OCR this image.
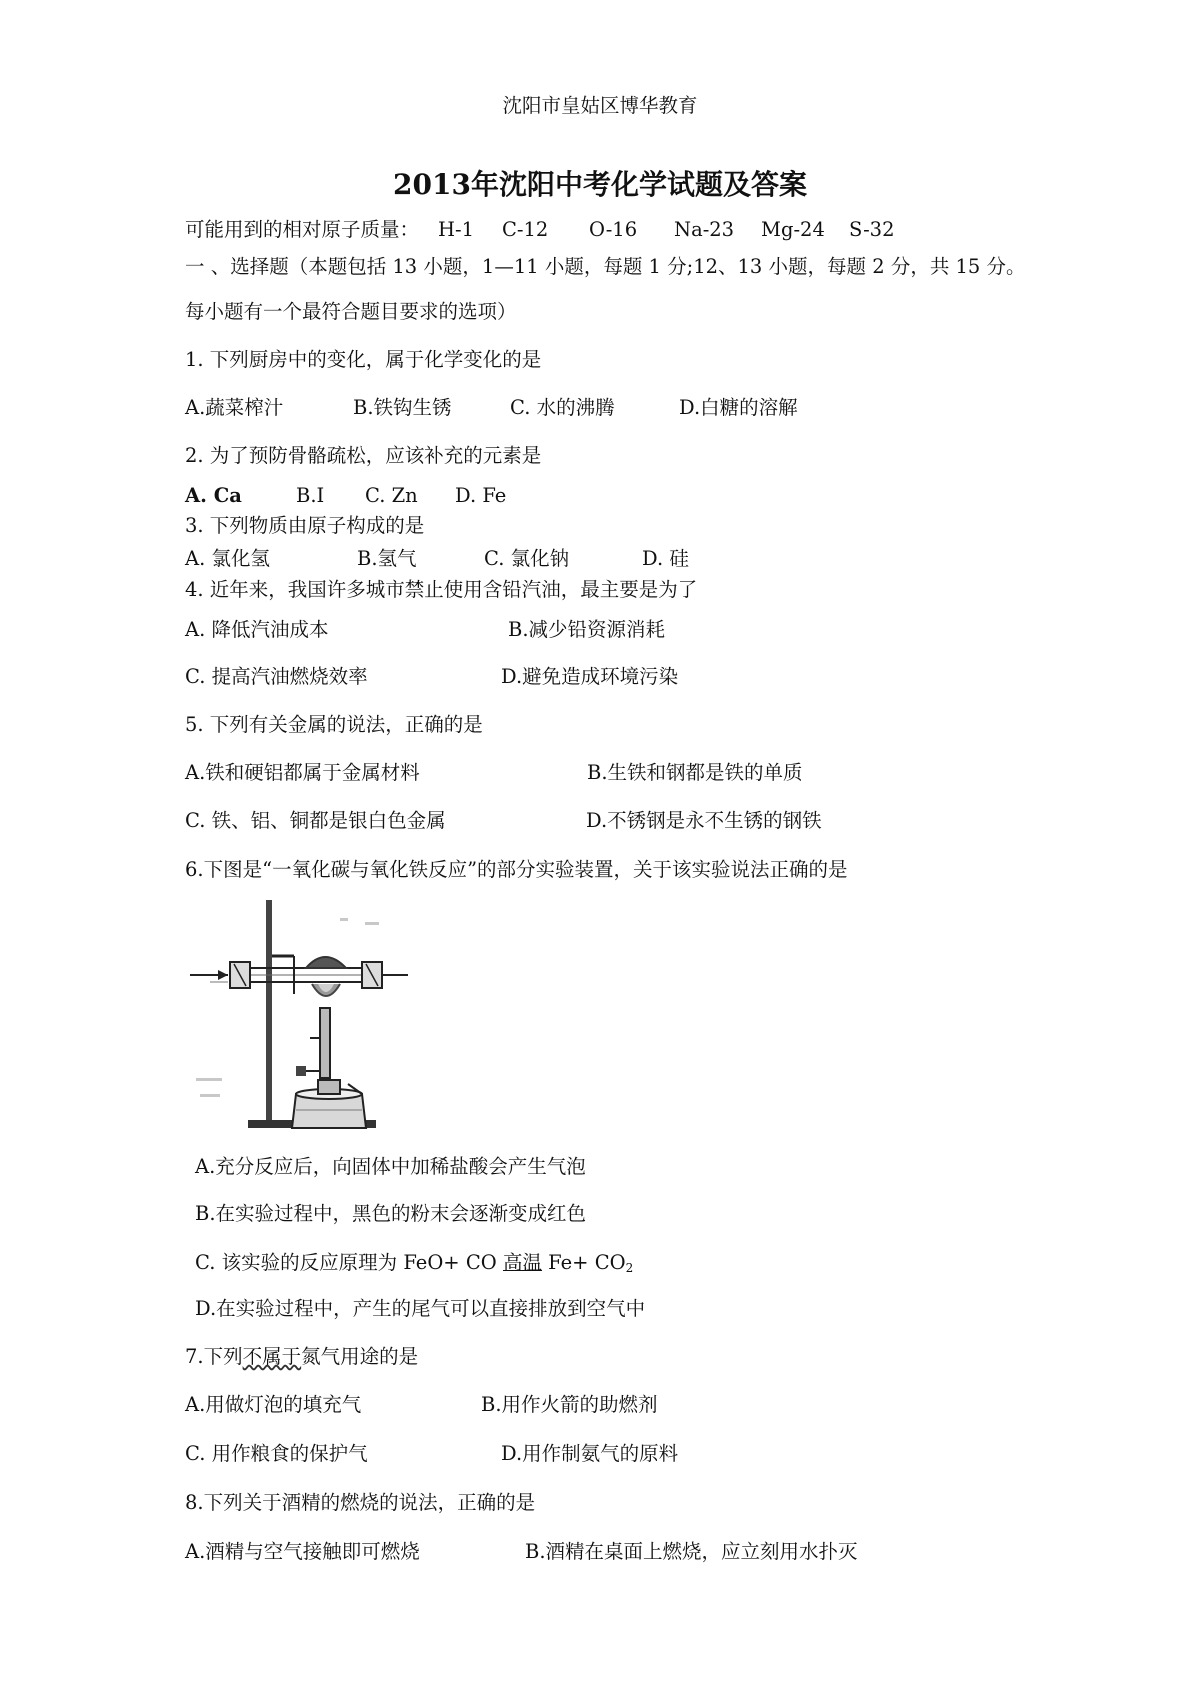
沈阳市皇姑区博华教育
2013年沈阳中考化学试题及答案
可能用到的相对原子质量： H-1 C-12 O-16 Na-23 Mg-24 S-32
一 、选择题（本题包括 13 小题，1—11 小题，每题 1 分;12、13 小题，每题 2 分，共 15 分。
每小题有一个最符合题目要求的选项）
1. 下列厨房中的变化，属于化学变化的是
A.蔬菜榨汁	B.铁钩生锈	C. 水的沸腾	D.白糖的溶解
2. 为了预防骨骼疏松，应该补充的元素是
A. Ca	B.I C. Zn D. Fe
3. 下列物质由原子构成的是
A. 氯化氢	B.氢气	C. 氯化钠	D. 硅
4. 近年来，我国许多城市禁止使用含铅汽油，最主要是为了
A. 降低汽油成本	B.减少铅资源消耗
C. 提高汽油燃烧效率	D.避免造成环境污染
5. 下列有关金属的说法，正确的是
A.铁和硬铝都属于金属材料	B.生铁和钢都是铁的单质
C. 铁、铝、铜都是银白色金属	D.不锈钢是永不生锈的钢铁
6.下图是“一氧化碳与氧化铁反应”的部分实验装置，关于该实验说法正确的是
A.充分反应后，向固体中加稀盐酸会产生气泡
B.在实验过程中，黑色的粉末会逐渐变成红色
C. 该实验的反应原理为 FeO+ CO 高温 $Fe+ CO_2$
D.在实验过程中，产生的尾气可以直接排放到空气中
7.下列不属于氮气用途的是
A.用做灯泡的填充气	B.用作火箭的助燃剂
C. 用作粮食的保护气	D.用作制氨气的原料
8.下列关于酒精的燃烧的说法，正确的是
A.酒精与空气接触即可燃烧	B.酒精在桌面上燃烧，应立刻用水扑灭
